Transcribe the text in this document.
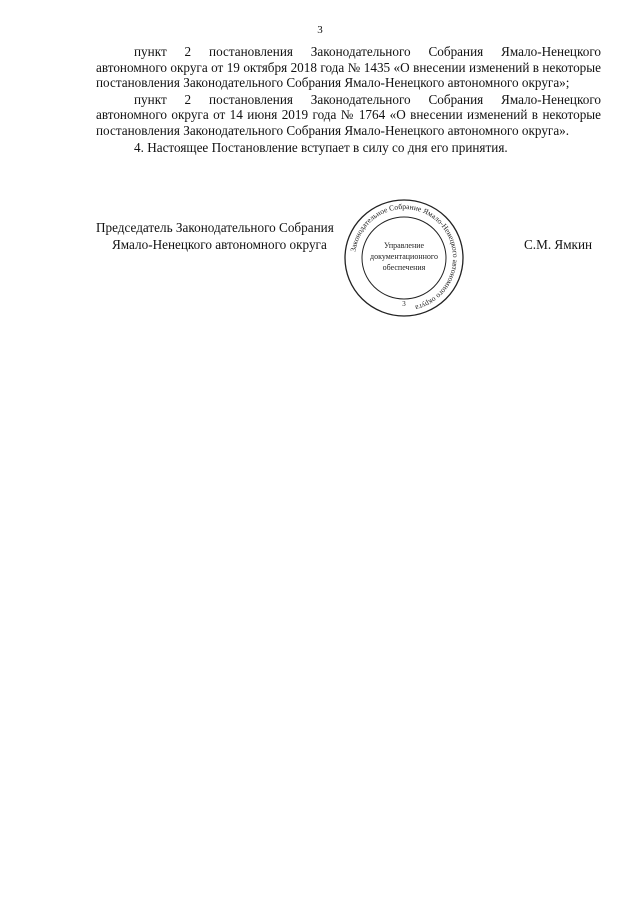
3

пункт 2 постановления Законодательного Собрания Ямало-Ненецкого автономного округа от 19 октября 2018 года № 1435 «О внесении изменений в некоторые постановления Законодательного Собрания Ямало-Ненецкого автономного округа»;

пункт 2 постановления Законодательного Собрания Ямало-Ненецкого автономного округа от 14 июня 2019 года № 1764 «О внесении изменений в некоторые постановления Законодательного Собрания Ямало-Ненецкого автономного округа».

4. Настоящее Постановление вступает в силу со дня его принятия.

Председатель Законодательного Собрания
Ямало-Ненецкого автономного округа	С.М. Ямкин
Законодательное Собрание Ямало-Ненецкого автономного округа
3
Управление
документационного
обеспечения
